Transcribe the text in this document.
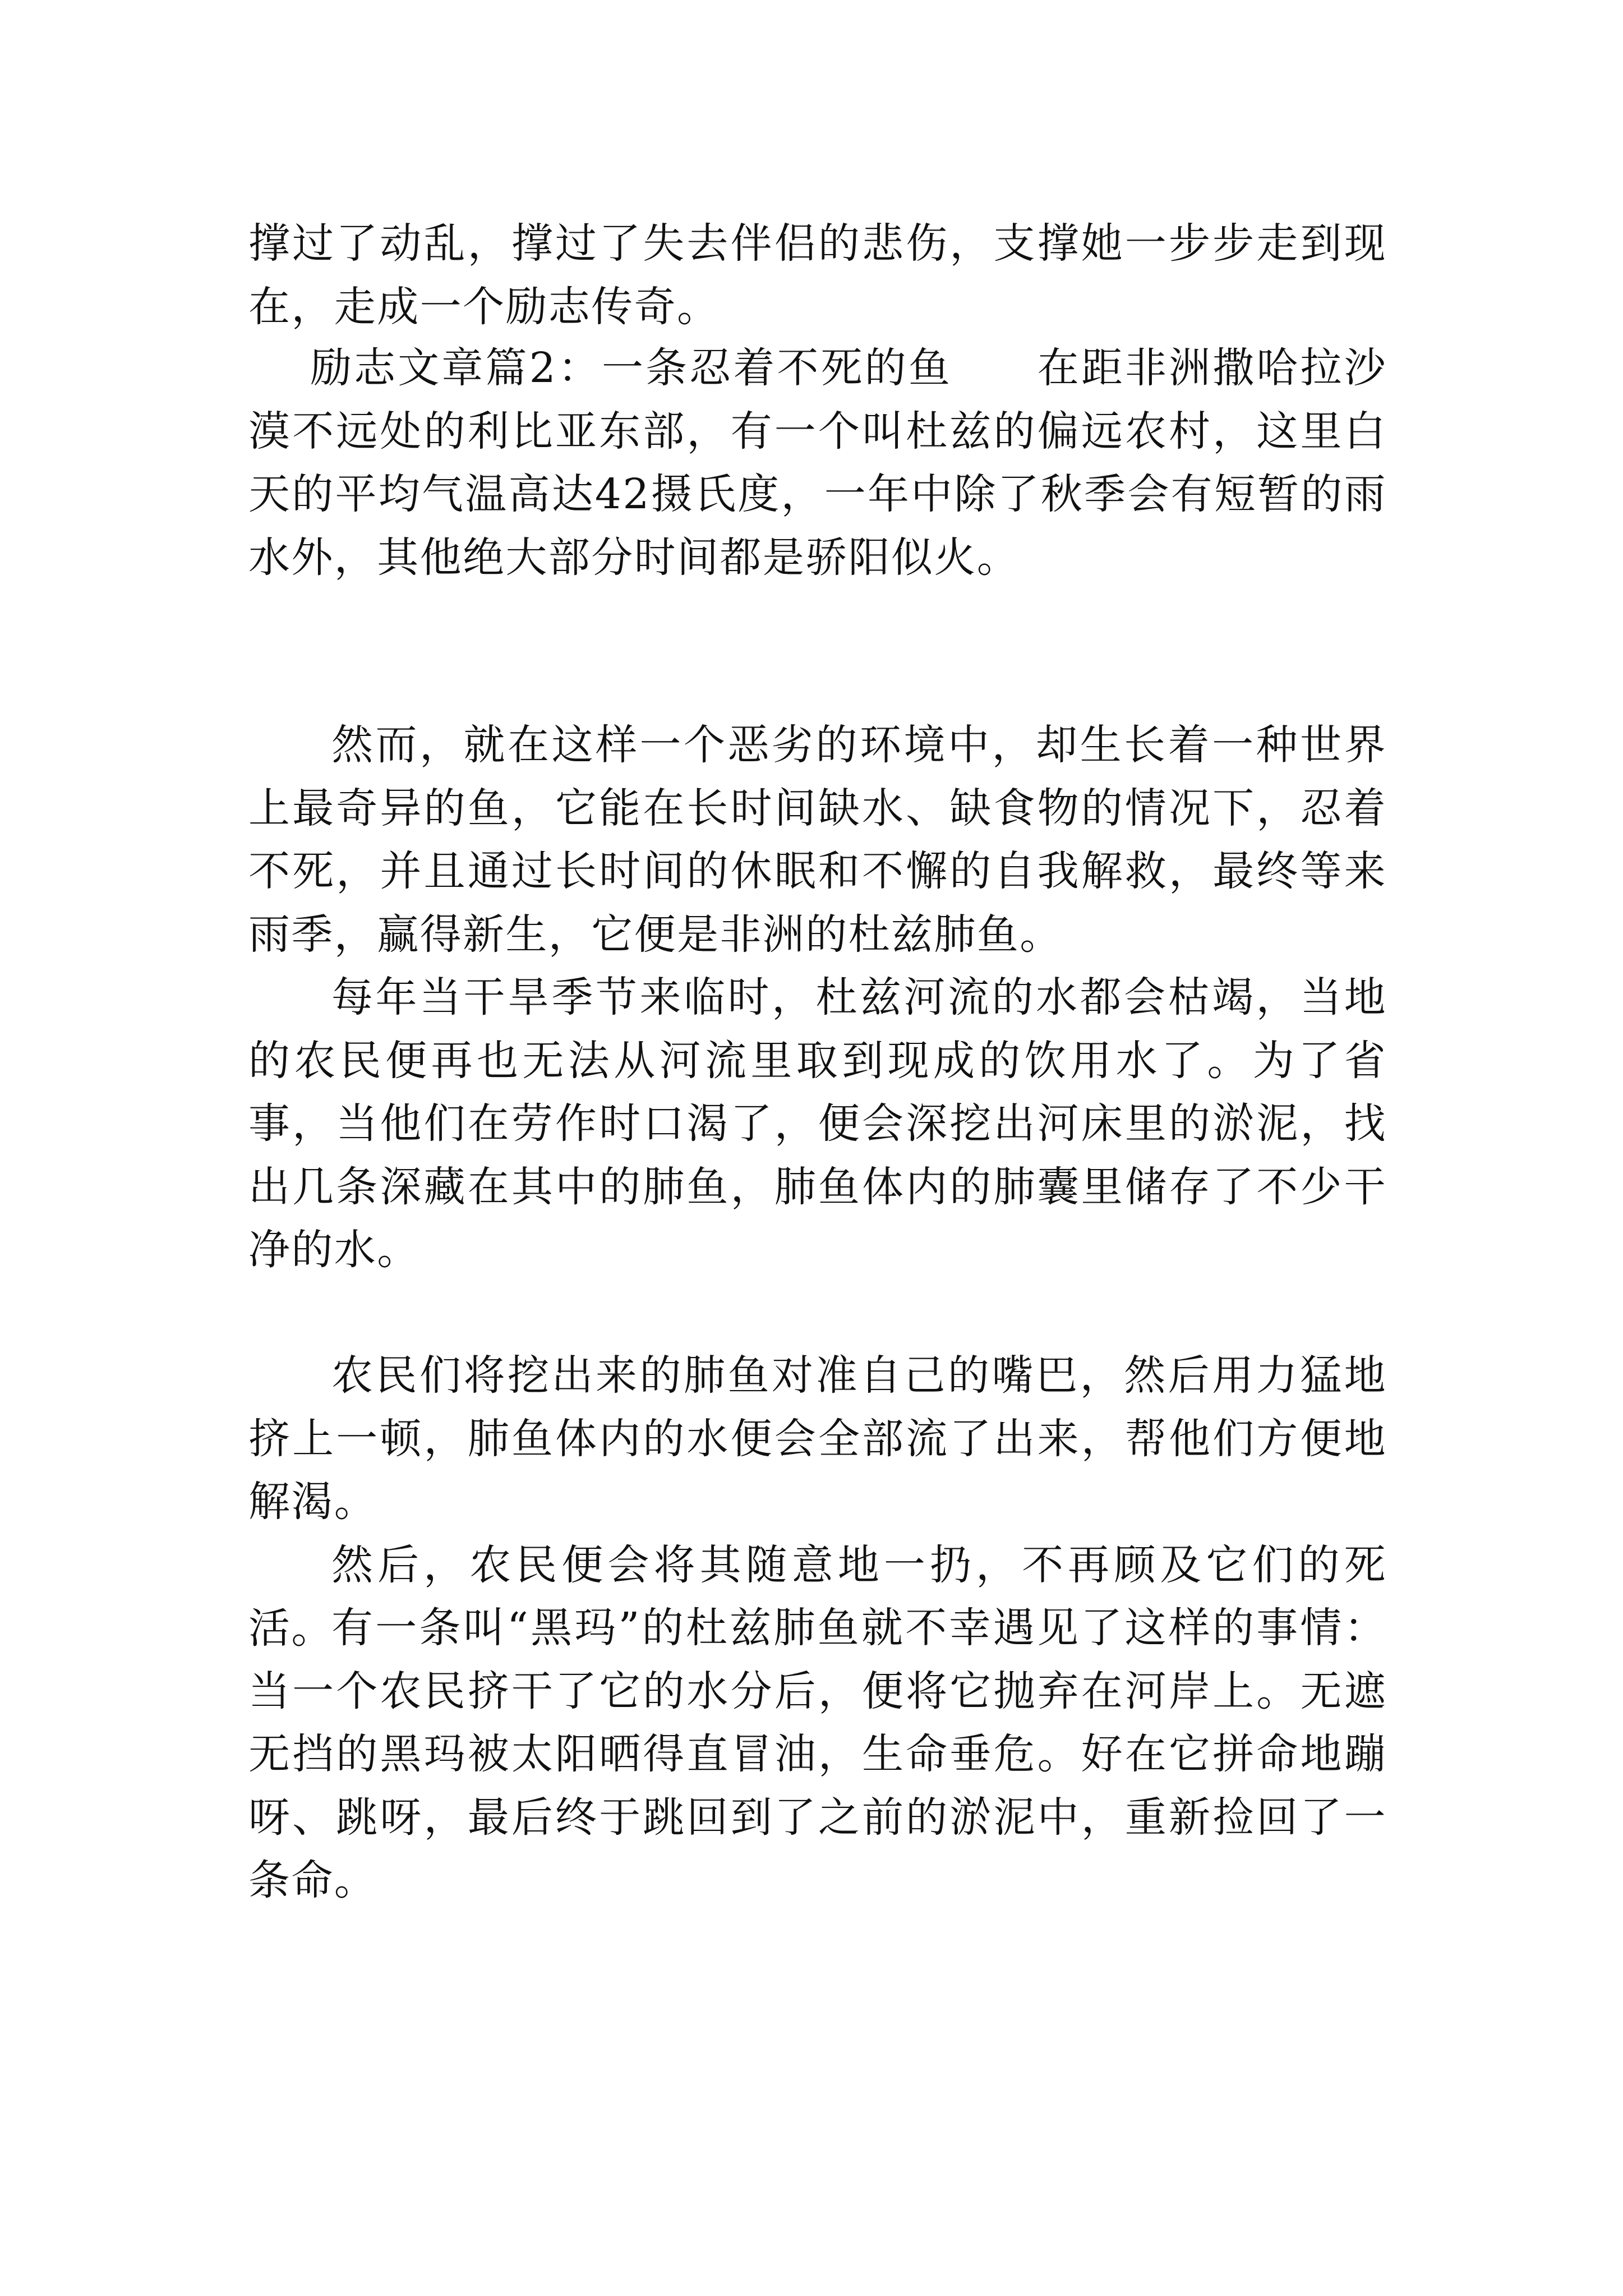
撑过了动乱，撑过了失去伴侣的悲伤，支撑她一步步走到现在，走成一个励志传奇。

励志文章篇2：一条忍着不死的鱼 在距非洲撒哈拉沙漠不远处的利比亚东部，有一个叫杜兹的偏远农村，这里白天的平均气温高达42摄氏度，一年中除了秋季会有短暂的雨水外，其他绝大部分时间都是骄阳似火。

然而，就在这样一个恶劣的环境中，却生长着一种世界上最奇异的鱼，它能在长时间缺水、缺食物的情况下，忍着不死，并且通过长时间的休眠和不懈的自我解救，最终等来雨季，赢得新生，它便是非洲的杜兹肺鱼。

每年当干旱季节来临时，杜兹河流的水都会枯竭，当地的农民便再也无法从河流里取到现成的饮用水了。为了省事，当他们在劳作时口渴了，便会深挖出河床里的淤泥，找出几条深藏在其中的肺鱼，肺鱼体内的肺囊里储存了不少干净的水。

农民们将挖出来的肺鱼对准自己的嘴巴，然后用力猛地挤上一顿，肺鱼体内的水便会全部流了出来，帮他们方便地解渴。

然后，农民便会将其随意地一扔，不再顾及它们的死活。

有一条叫“黑玛”的杜兹肺鱼就不幸遇见了这样的事情：当一个农民挤干了它的水分后，便将它抛弃在河岸上。无遮无挡的黑玛被太阳晒得直冒油，生命垂危。好在它拼命地蹦呀、跳呀，最后终于跳回到了之前的淤泥中，重新捡回了一条命。
